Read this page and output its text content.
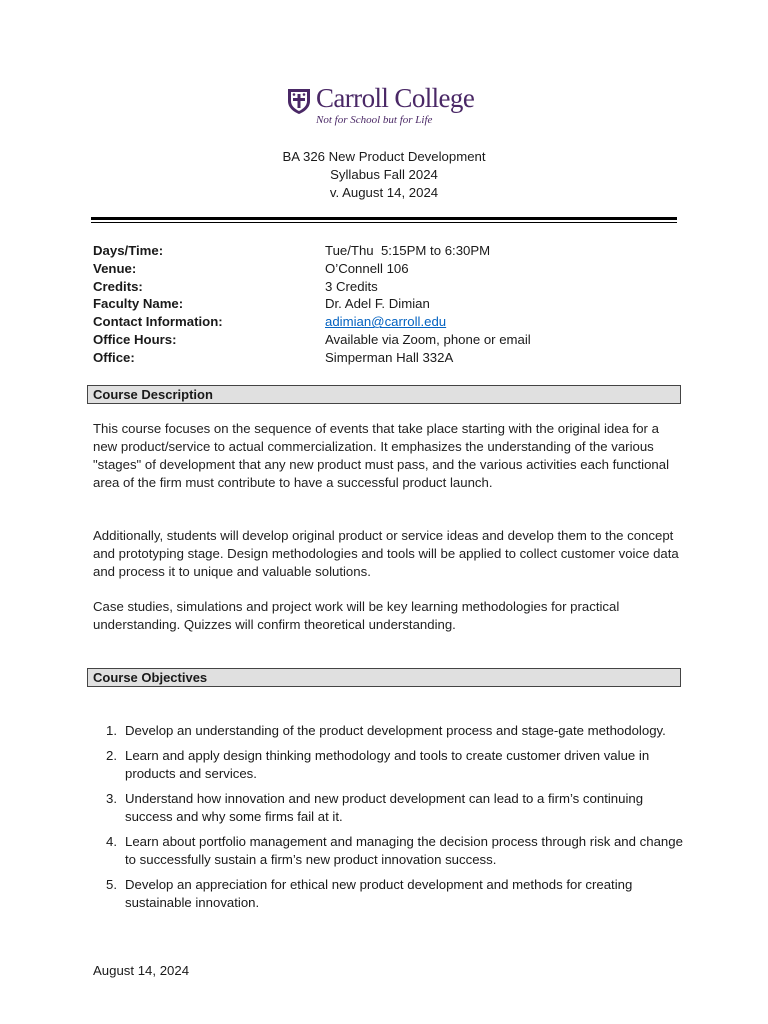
Carroll College
Not for School but for Life
BA 326 New Product Development
Syllabus Fall 2024
v. August 14, 2024
Days/Time:	Tue/Thu  5:15PM to 6:30PM
Venue:	O’Connell 106
Credits:	3 Credits
Faculty Name:	Dr. Adel F. Dimian
Contact Information:	adimian@carroll.edu
Office Hours:	Available via Zoom, phone or email
Office:	Simperman Hall 332A
Course Description
This course focuses on the sequence of events that take place starting with the original idea for a new product/service to actual commercialization. It emphasizes the understanding of the various "stages" of development that any new product must pass, and the various activities each functional area of the firm must contribute to have a successful product launch.
Additionally, students will develop original product or service ideas and develop them to the concept and prototyping stage. Design methodologies and tools will be applied to collect customer voice data and process it to unique and valuable solutions.
Case studies, simulations and project work will be key learning methodologies for practical understanding. Quizzes will confirm theoretical understanding.
Course Objectives
1. Develop an understanding of the product development process and stage-gate methodology.
2. Learn and apply design thinking methodology and tools to create customer driven value in products and services.
3. Understand how innovation and new product development can lead to a firm’s continuing success and why some firms fail at it.
4. Learn about portfolio management and managing the decision process through risk and change to successfully sustain a firm’s new product innovation success.
5. Develop an appreciation for ethical new product development and methods for creating sustainable innovation.
August 14, 2024
